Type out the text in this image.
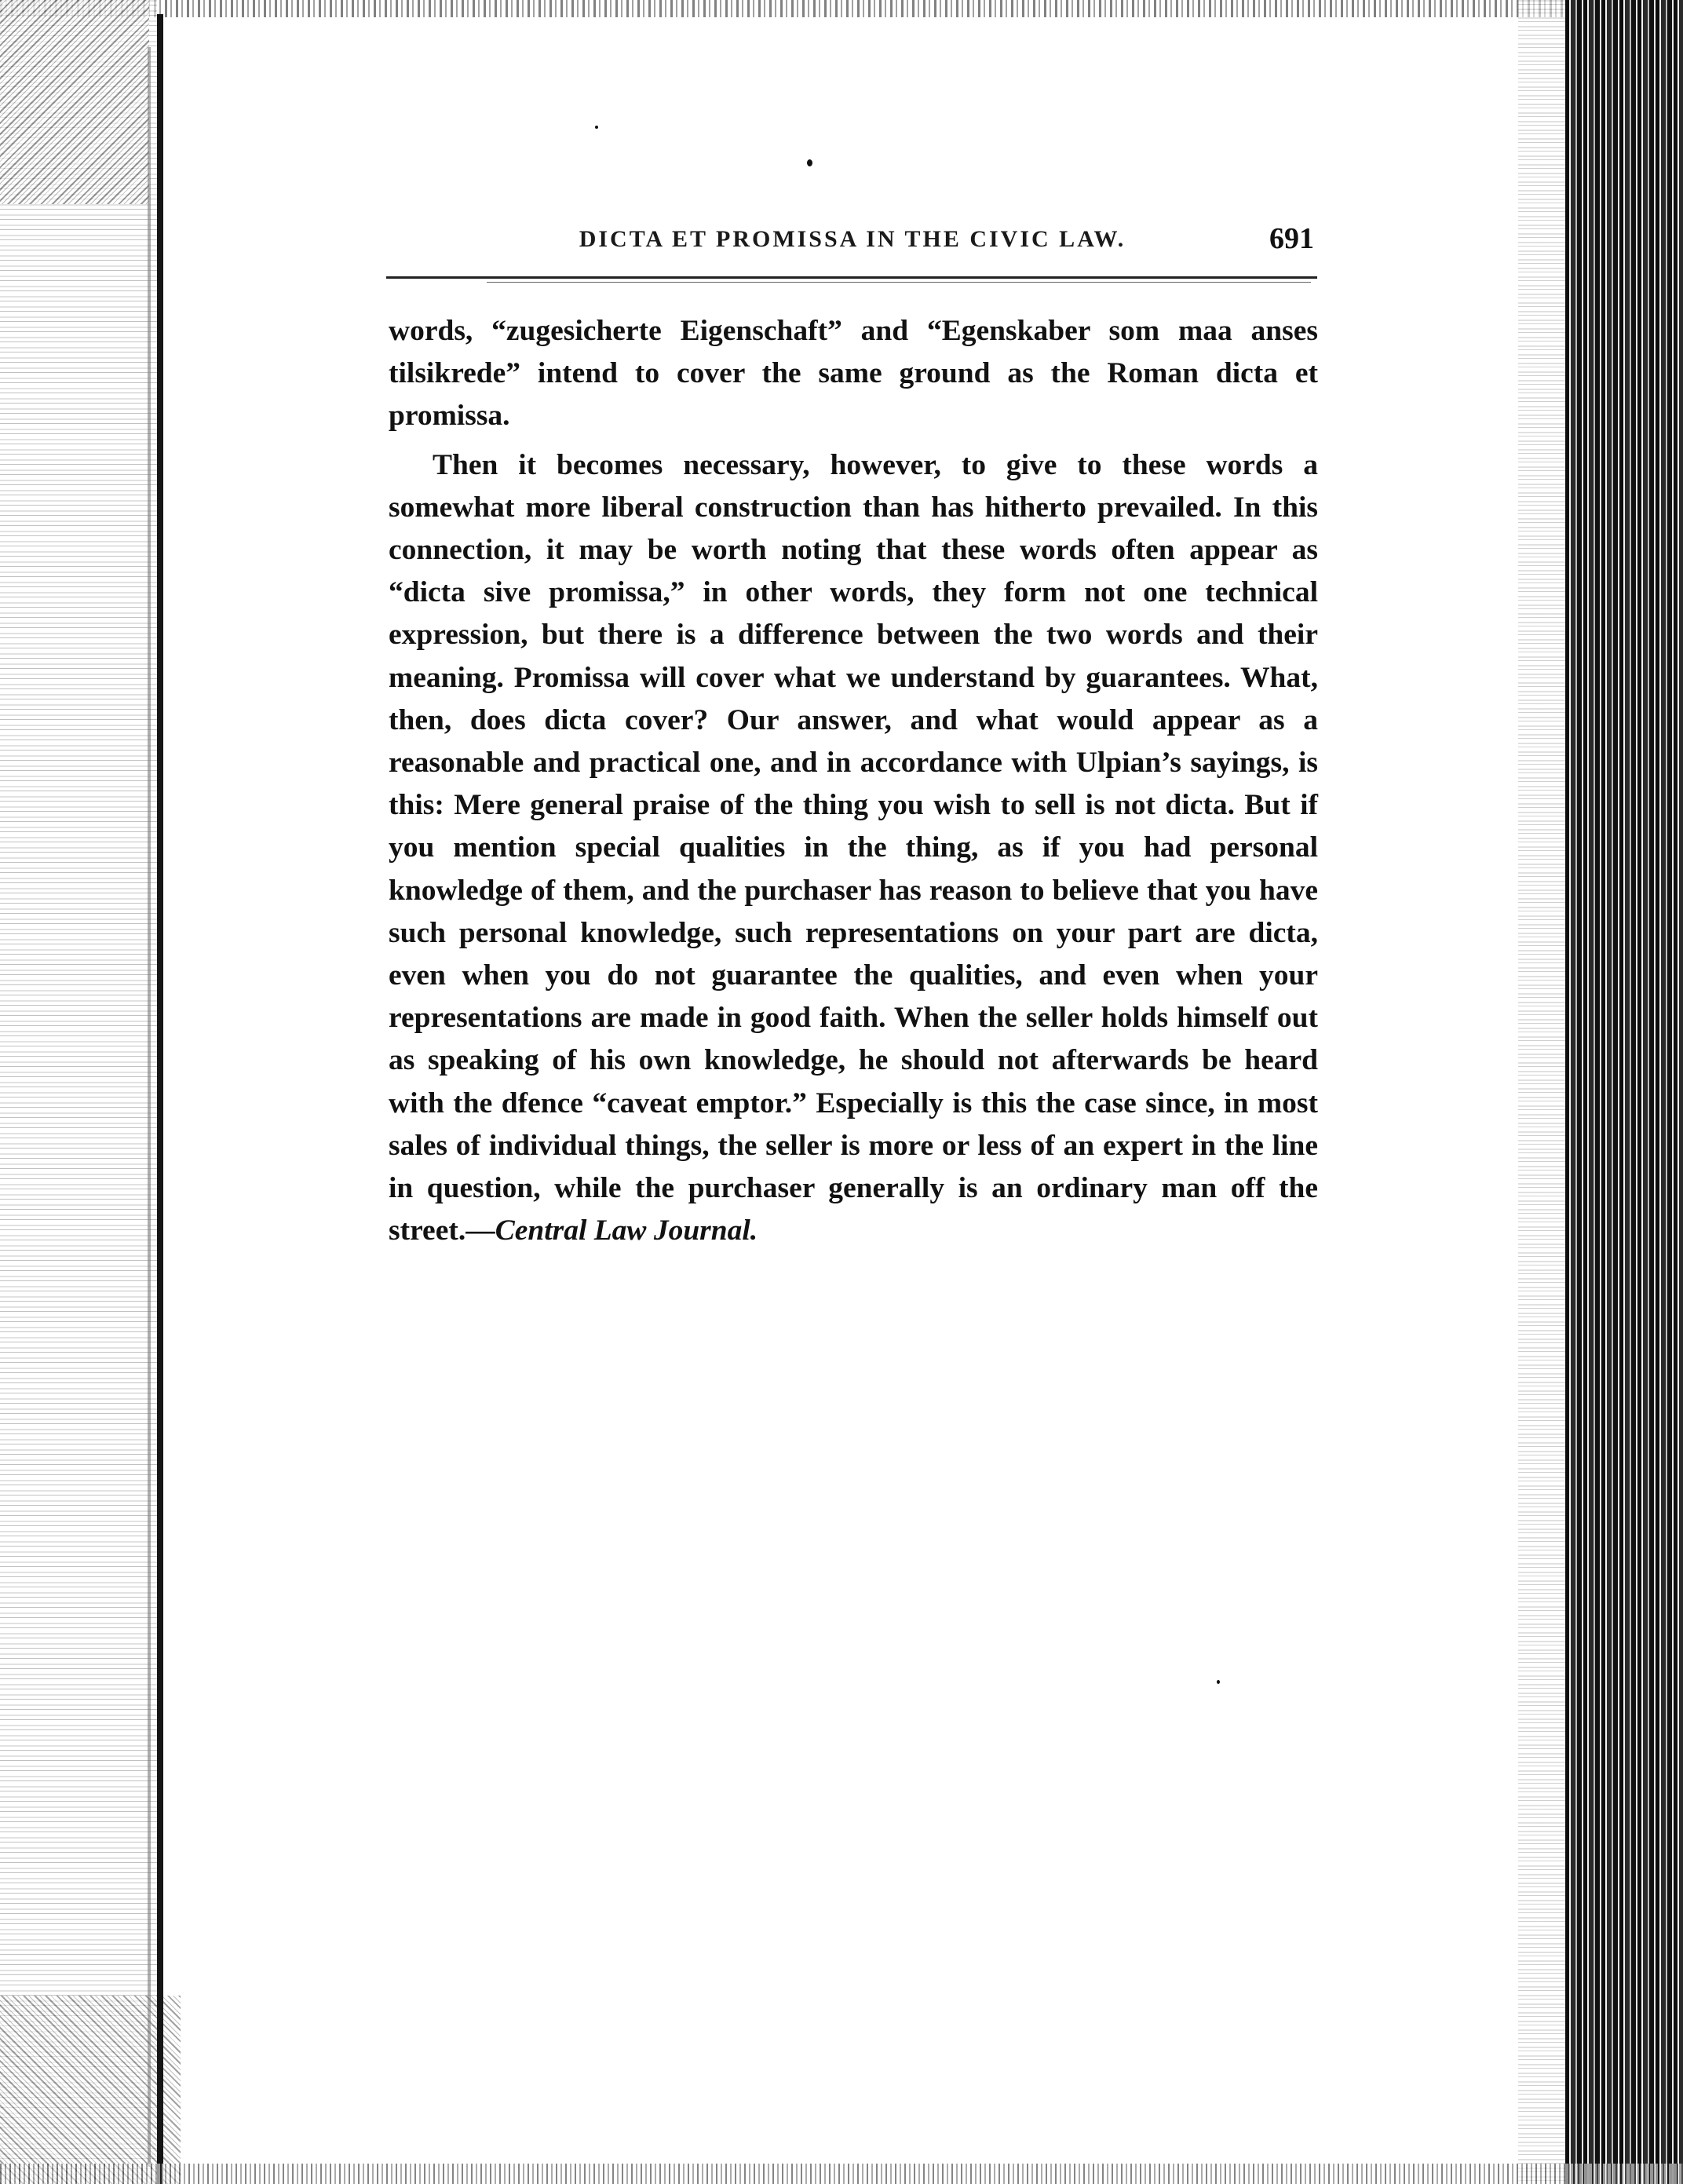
DICTA ET PROMISSA IN THE CIVIC LAW.	691

words, “zugesicherte Eigenschaft” and “Egenskaber som maa anses tilsikrede” intend to cover the same ground as the Roman dicta et promissa.

Then it becomes necessary, however, to give to these words a somewhat more liberal construction than has hitherto prevailed. In this connection, it may be worth noting that these words often appear as “dicta sive promissa,” in other words, they form not one technical expression, but there is a difference between the two words and their meaning. Promissa will cover what we understand by guarantees. What, then, does dicta cover? Our answer, and what would appear as a reasonable and practical one, and in accordance with Ulpian’s sayings, is this: Mere general praise of the thing you wish to sell is not dicta. But if you mention special qualities in the thing, as if you had personal knowledge of them, and the purchaser has reason to believe that you have such personal knowledge, such representations on your part are dicta, even when you do not guarantee the qualities, and even when your representations are made in good faith. When the seller holds himself out as speaking of his own knowledge, he should not afterwards be heard with the dfence “caveat emptor.” Especially is this the case since, in most sales of individual things, the seller is more or less of an expert in the line in question, while the purchaser generally is an ordinary man off the street.—Central Law Journal.
